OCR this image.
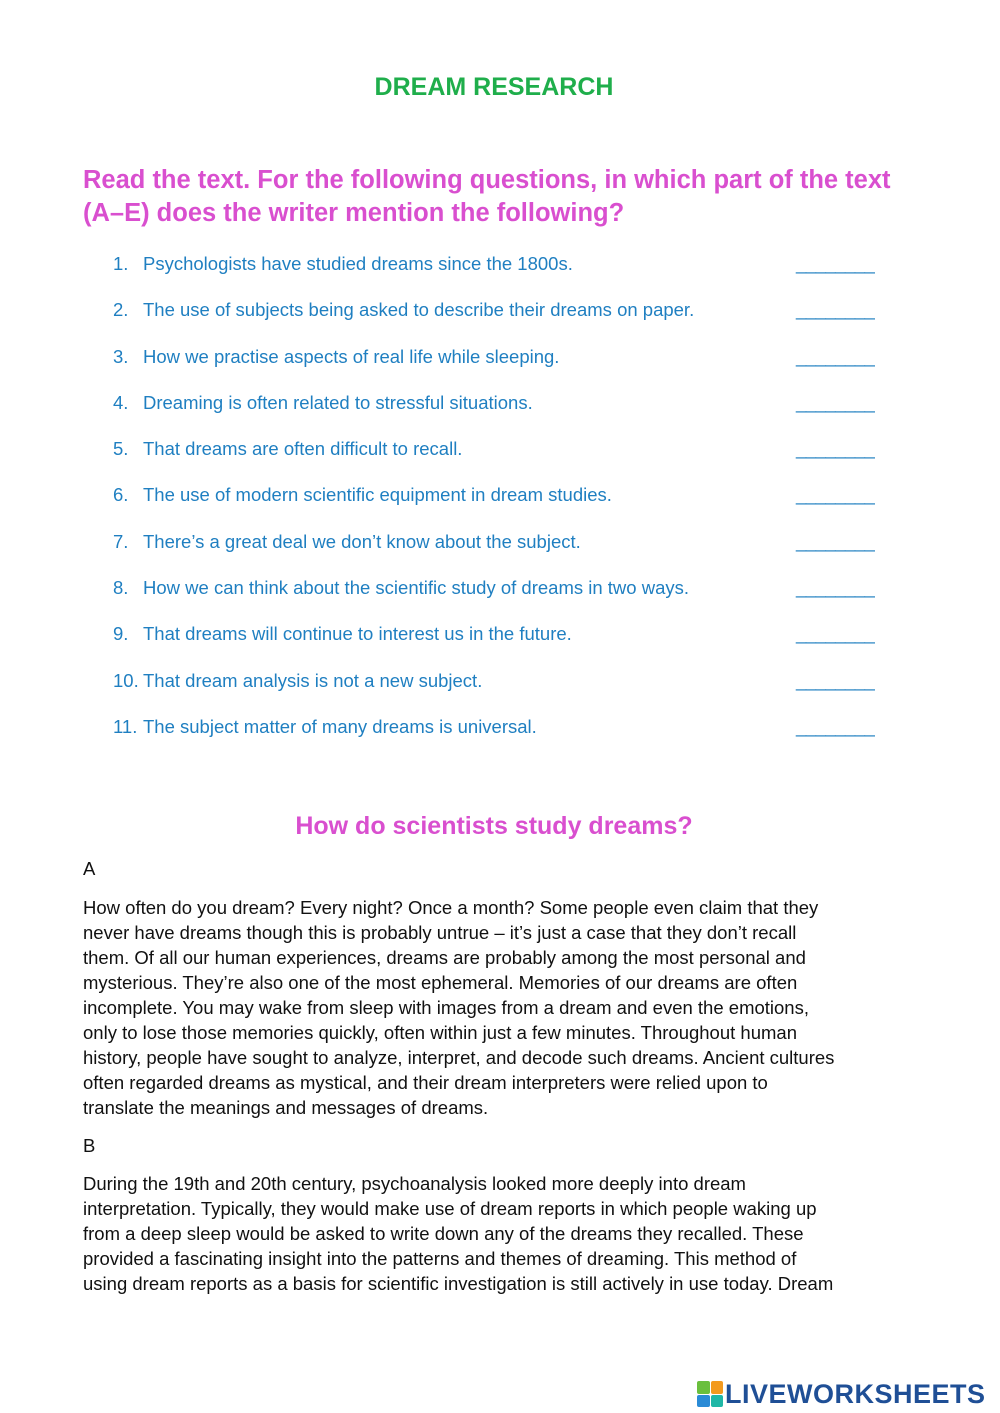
DREAM RESEARCH
Read the text. For the following questions, in which part of the text (A–E) does the writer mention the following?
1. Psychologists have studied dreams since the 1800s.	________
2. The use of subjects being asked to describe their dreams on paper.	________
3. How we practise aspects of real life while sleeping.	________
4. Dreaming is often related to stressful situations.	________
5. That dreams are often difficult to recall.	________
6. The use of modern scientific equipment in dream studies.	________
7. There’s a great deal we don’t know about the subject.	________
8. How we can think about the scientific study of dreams in two ways.	________
9. That dreams will continue to interest us in the future.	________
10. That dream analysis is not a new subject.	________
11. The subject matter of many dreams is universal.	________
How do scientists study dreams?

A

How often do you dream? Every night? Once a month? Some people even claim that they
never have dreams though this is probably untrue – it’s just a case that they don’t recall
them. Of all our human experiences, dreams are probably among the most personal and
mysterious. They’re also one of the most ephemeral. Memories of our dreams are often
incomplete. You may wake from sleep with images from a dream and even the emotions,
only to lose those memories quickly, often within just a few minutes. Throughout human
history, people have sought to analyze, interpret, and decode such dreams. Ancient cultures
often regarded dreams as mystical, and their dream interpreters were relied upon to
translate the meanings and messages of dreams.

B

During the 19th and 20th century, psychoanalysis looked more deeply into dream
interpretation. Typically, they would make use of dream reports in which people waking up
from a deep sleep would be asked to write down any of the dreams they recalled. These
provided a fascinating insight into the patterns and themes of dreaming. This method of
using dream reports as a basis for scientific investigation is still actively in use today. Dream
LIVEWORKSHEETS
